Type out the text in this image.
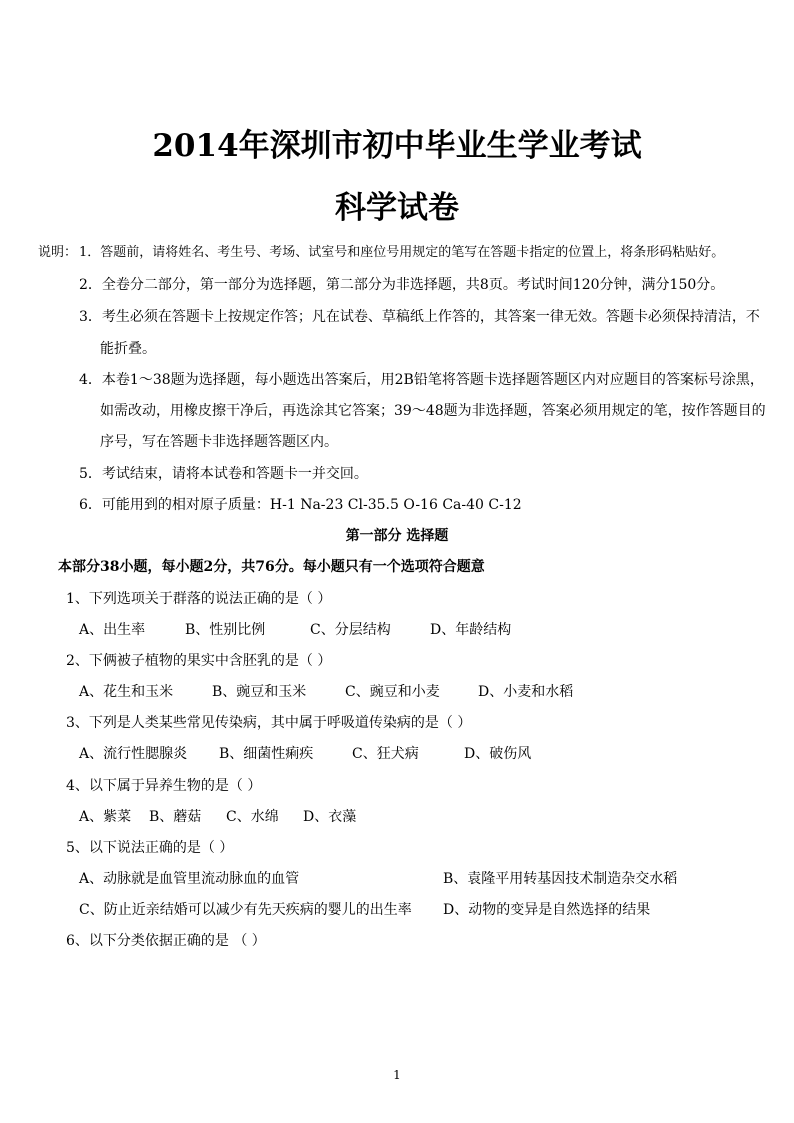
2014年深圳市初中毕业生学业考试
科学试卷
说明： 1．答题前，请将姓名、考生号、考场、试室号和座位号用规定的笔写在答题卡指定的位置上，将条形码粘贴好。
2．全卷分二部分，第一部分为选择题，第二部分为非选择题，共8页。考试时间120分钟，满分150分。
3．考生必须在答题卡上按规定作答；凡在试卷、草稿纸上作答的，其答案一律无效。答题卡必须保持清洁，不
能折叠。
4．本卷1～38题为选择题，每小题选出答案后，用2B铅笔将答题卡选择题答题区内对应题目的答案标号涂黑，
如需改动，用橡皮擦干净后，再选涂其它答案；39～48题为非选择题，答案必须用规定的笔，按作答题目的
序号，写在答题卡非选择题答题区内。
5．考试结束，请将本试卷和答题卡一并交回。
6．可能用到的相对原子质量：H-1 Na-23 Cl-35.5 O-16 Ca-40 C-12
第一部分 选择题
本部分38小题，每小题2分，共76分。每小题只有一个选项符合题意
1、下列选项关于群落的说法正确的是（ ）
A、出生率	B、性别比例	C、分层结构	D、年龄结构
2、下俩被子植物的果实中含胚乳的是（ ）
A、花生和玉米	B、豌豆和玉米	C、豌豆和小麦	D、小麦和水稻
3、下列是人类某些常见传染病，其中属于呼吸道传染病的是（ ）
A、流行性腮腺炎 B、细菌性痢疾	C、狂犬病	D、破伤风
4、以下属于异养生物的是（ ）
A、紫菜 B、蘑菇 C、水绵 D、衣藻
5、以下说法正确的是（ ）
A、动脉就是血管里流动脉血的血管	B、袁隆平用转基因技术制造杂交水稻
C、防止近亲结婚可以减少有先天疾病的婴儿的出生率 D、动物的变异是自然选择的结果
6、以下分类依据正确的是 （ ）
1
